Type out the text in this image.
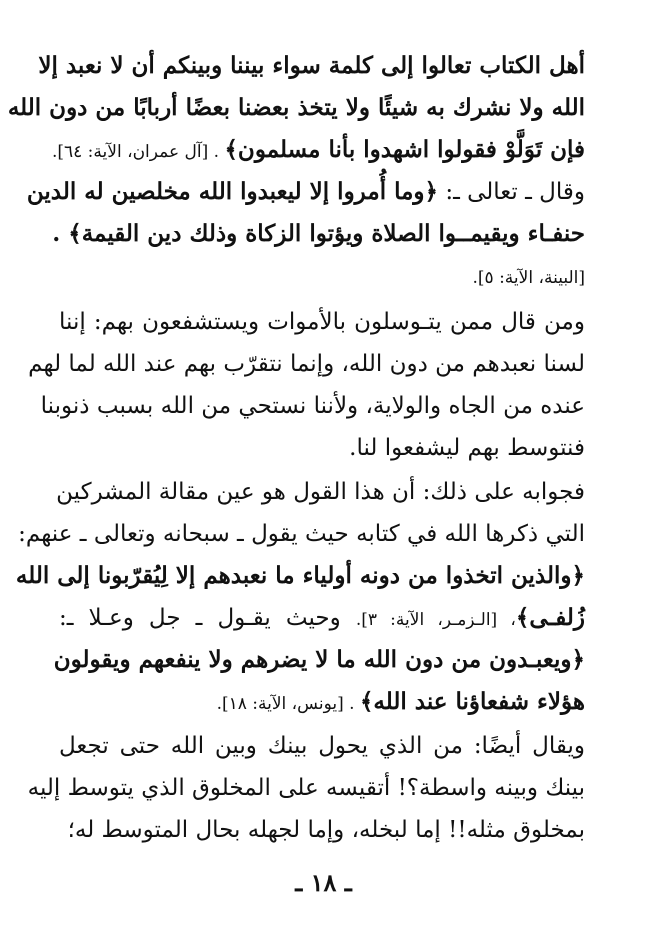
أهل الكتاب تعالوا إلى كلمة سواء بيننا وبينكم أن لا نعبد إلا
الله ولا نشرك به شيئًا ولا يتخذ بعضنا بعضًا أربابًا من دون الله
فإن تَوَلَّوْ فقولوا اشهدوا بأنا مسلمون﴾ . [آل عمران، الآية: ٦٤].
وقال ـ تعالى ـ: ﴿وما أُمروا إلا ليعبدوا الله مخلصين له الدين
حنفـاء ويقيمــوا الصلاة ويؤتوا الزكاة وذلك دين القيمة﴾ .
[البينة، الآية: ٥].
ومن قال ممن يتـوسلون بالأموات ويستشفعون بهم: إننا
لسنا نعبدهم من دون الله، وإنما نتقرّب بهم عند الله لما لهم
عنده من الجاه والولاية، ولأننا نستحي من الله بسبب ذنوبنا
فنتوسط بهم ليشفعوا لنا.
فجوابه على ذلك: أن هذا القول هو عين مقالة المشركين
التي ذكرها الله في كتابه حيث يقول ـ سبحانه وتعالى ـ عنهم:
﴿والذين اتخذوا من دونه أولياء ما نعبدهم إلا لِيُقرّبونا إلى الله
زُلفـى﴾، [الـزمـر، الآية: ٣]. وحيث يقـول ـ جل وعـلا ـ:
﴿ويعبـدون من دون الله ما لا يضرهم ولا ينفعهم ويقولون
هؤلاء شفعاؤنا عند الله﴾ . [يونس، الآية: ١٨].
ويقال أيضًا: من الذي يحول بينك وبين الله حتى تجعل
بينك وبينه واسطة؟! أتقيسه على المخلوق الذي يتوسط إليه
بمخلوق مثله!! إما لبخله، وإما لجهله بحال المتوسط له؛
ـ ١٨ ـ
